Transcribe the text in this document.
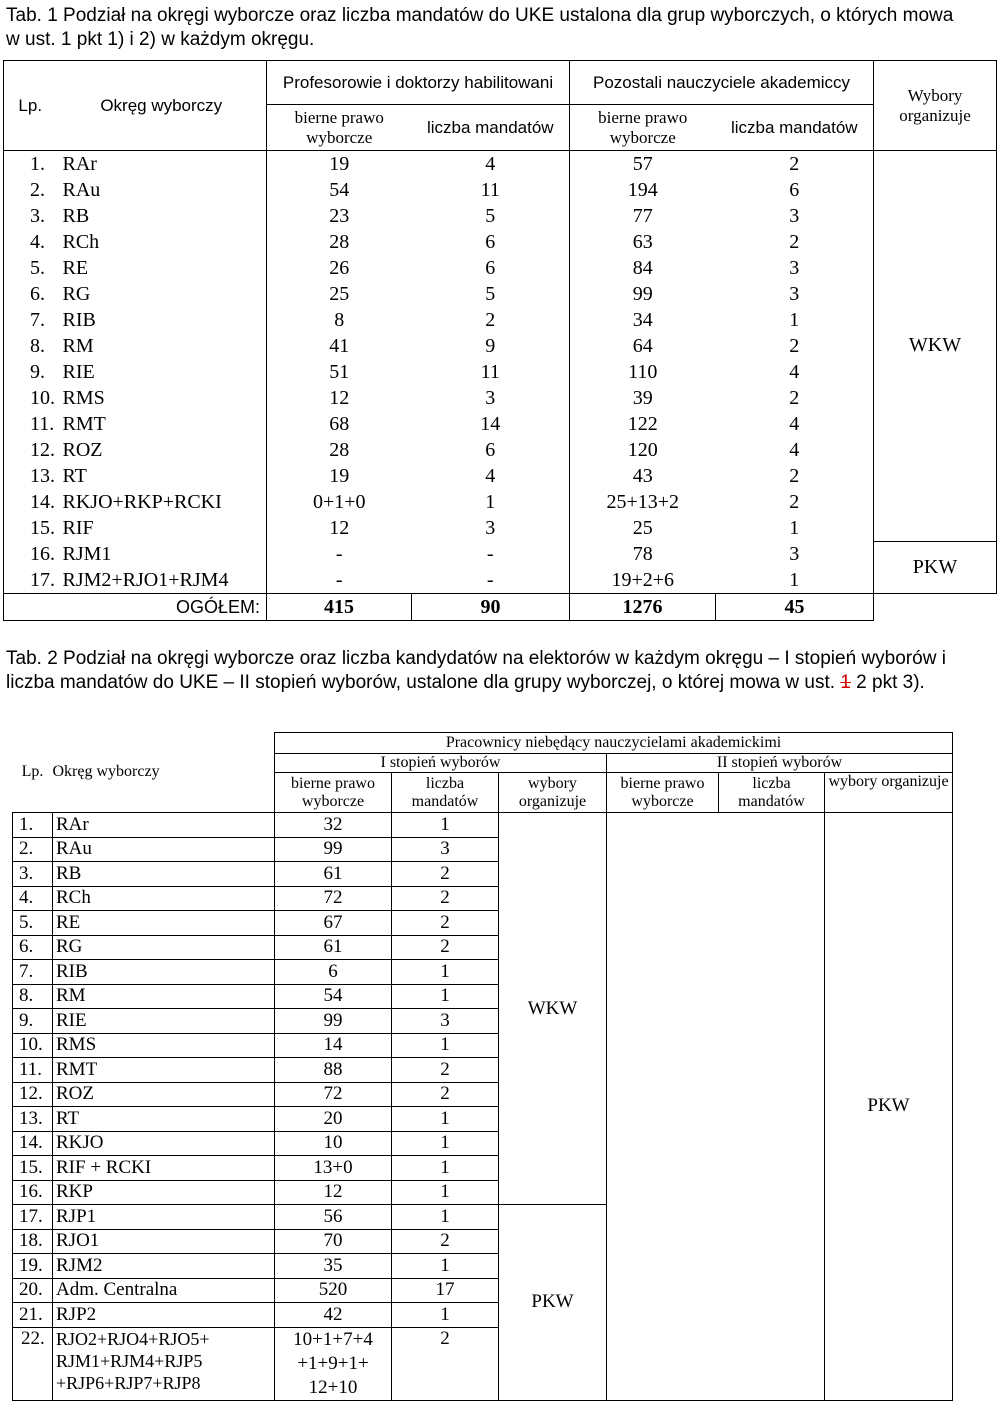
Tab. 1 Podział na okręgi wyborcze oraz liczba mandatów do UKE ustalona dla grup wyborczych, o których mowa w ust. 1 pkt 1) i 2) w każdym okręgu.
Lp.	Okręg wyborczy	Profesorowie i doktorzy habilitowani		Pozostali nauczyciele akademiccy		Wybory organizuje
		bierne prawo wyborcze	liczba mandatów	bierne prawo wyborcze	liczba mandatów	
1.	RAr	19	4	57	2	WKW
2.	RAu	54	11	194	6	
3.	RB	23	5	77	3	
4.	RCh	28	6	63	2	
5.	RE	26	6	84	3	
6.	RG	25	5	99	3	
7.	RIB	8	2	34	1	
8.	RM	41	9	64	2	
9.	RIE	51	11	110	4	
10.	RMS	12	3	39	2	
11.	RMT	68	14	122	4	
12.	ROZ	28	6	120	4	
13.	RT	19	4	43	2	
14.	RKJO+RKP+RCKI	0+1+0	1	25+13+2	2	
15.	RIF	12	3	25	1	
16.	RJM1	-	-	78	3	PKW
17.	RJM2+RJO1+RJM4	-	-	19+2+6	1	
OGÓŁEM:		415	90	1276	45	
Tab. 2 Podział na okręgi wyborcze oraz liczba kandydatów na elektorów w każdym okręgu – I stopień wyborów i liczba mandatów do UKE – II stopień wyborów, ustalone dla grupy wyborczej, o której mowa w ust. 1 2 pkt 3).
Lp.	Okręg wyborczy	Pracownicy niebędący nauczycielami akademickimi					
		I stopień wyborów			II stopień wyborów		
		bierne prawo wyborcze	liczba mandatów	wybory organizuje	bierne prawo wyborcze	liczba mandatów	wybory organizuje
1.	RAr	32	1	WKW			PKW
2.	RAu	99	3				
3.	RB	61	2				
4.	RCh	72	2				
5.	RE	67	2				
6.	RG	61	2				
7.	RIB	6	1				
8.	RM	54	1				
9.	RIE	99	3				
10.	RMS	14	1				
11.	RMT	88	2				
12.	ROZ	72	2				
13.	RT	20	1				
14.	RKJO	10	1				
15.	RIF + RCKI	13+0	1				
16.	RKP	12	1				
17.	RJP1	56	1	PKW			
18.	RJO1	70	2				
19.	RJM2	35	1				
20.	Adm. Centralna	520	17				
21.	RJP2	42	1				
22.	RJO2+RJO4+RJO5+ RJM1+RJM4+RJP5 +RJP6+RJP7+RJP8	10+1+7+4 +1+9+1+ 12+10	2				
